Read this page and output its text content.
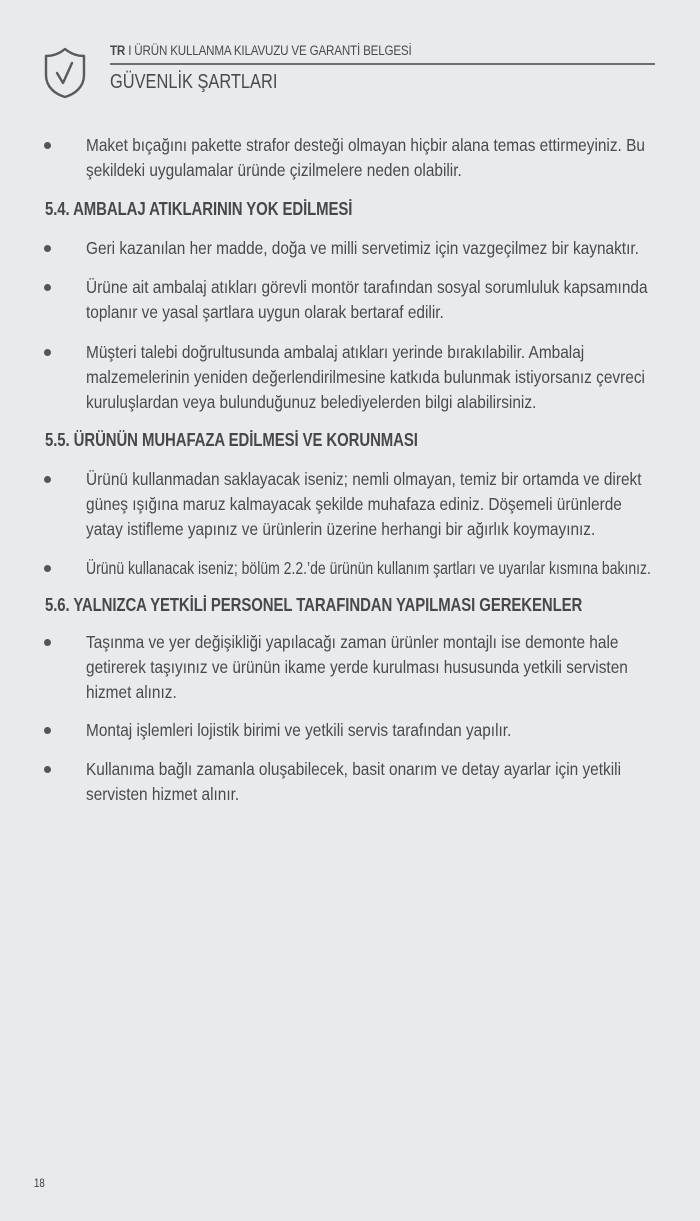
TR I ÜRÜN KULLANMA KILAVUZU VE GARANTİ BELGESİ
GÜVENLİK ŞARTLARI
Maket bıçağını pakette strafor desteği olmayan hiçbir alana temas ettirmeyiniz. Bu şekildeki uygulamalar üründe çizilmelere neden olabilir.
5.4. AMBALAJ ATIKLARININ YOK EDİLMESİ
Geri kazanılan her madde, doğa ve milli servetimiz için vazgeçilmez bir kaynaktır.
Ürüne ait ambalaj atıkları görevli montör tarafından sosyal sorumluluk kapsamında toplanır ve yasal şartlara uygun olarak bertaraf edilir.
Müşteri talebi doğrultusunda ambalaj atıkları yerinde bırakılabilir. Ambalaj malzemelerinin yeniden değerlendirilmesine katkıda bulunmak istiyorsanız çevreci kuruluşlardan veya bulunduğunuz belediyelerden bilgi alabilirsiniz.
5.5. ÜRÜNÜN MUHAFAZA EDİLMESİ VE KORUNMASI
Ürünü kullanmadan saklayacak iseniz; nemli olmayan, temiz bir ortamda ve direkt güneş ışığına maruz kalmayacak şekilde muhafaza ediniz. Döşemeli ürünlerde yatay istifleme yapınız ve ürünlerin üzerine herhangi bir ağırlık koymayınız.
Ürünü kullanacak iseniz; bölüm 2.2.’de ürünün kullanım şartları ve uyarılar kısmına bakınız.
5.6. YALNIZCA YETKİLİ PERSONEL TARAFINDAN YAPILMASI GEREKENLER
Taşınma ve yer değişikliği yapılacağı zaman ürünler montajlı ise demonte hale getirerek taşıyınız ve ürünün ikame yerde kurulması hususunda yetkili servisten hizmet alınız.
Montaj işlemleri lojistik birimi ve yetkili servis tarafından yapılır.
Kullanıma bağlı zamanla oluşabilecek, basit onarım ve detay ayarlar için yetkili servisten hizmet alınır.
18
